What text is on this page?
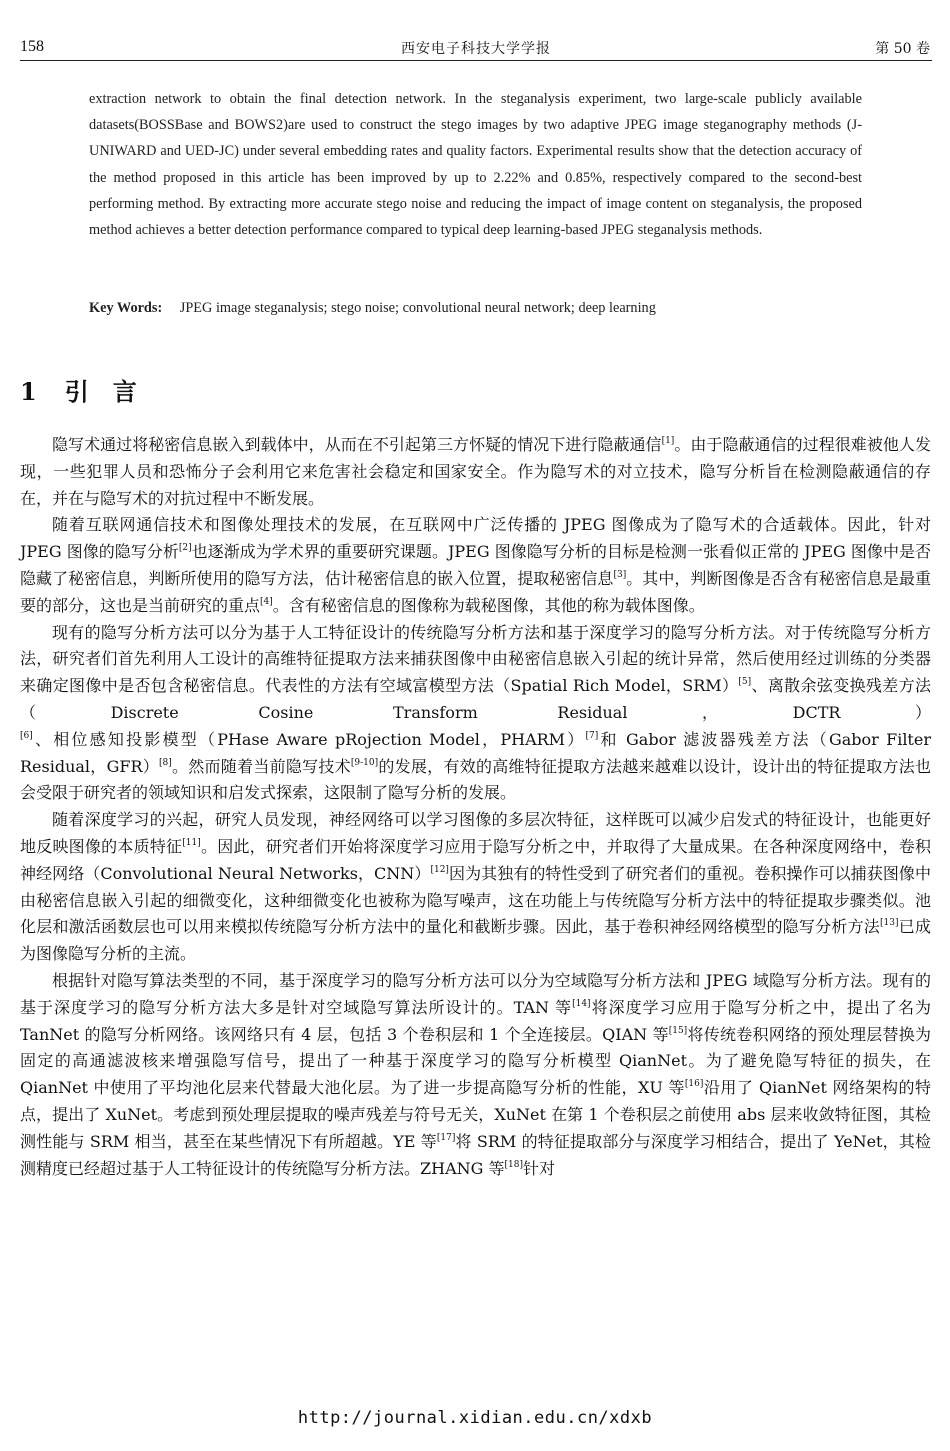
158	西安电子科技大学学报	第 50 卷
extraction network to obtain the final detection network. In the steganalysis experiment, two large-scale publicly available datasets(BOSSBase and BOWS2)are used to construct the stego images by two adaptive JPEG image steganography methods (J-UNIWARD and UED-JC) under several embedding rates and quality factors. Experimental results show that the detection accuracy of the method proposed in this article has been improved by up to 2.22% and 0.85%, respectively compared to the second-best performing method. By extracting more accurate stego noise and reducing the impact of image content on steganalysis, the proposed method achieves a better detection performance compared to typical deep learning-based JPEG steganalysis methods.
Key Words: JPEG image steganalysis; stego noise; convolutional neural network; deep learning
1 引 言

隐写术通过将秘密信息嵌入到载体中，从而在不引起第三方怀疑的情况下进行隐蔽通信[1]。由于隐蔽通信的过程很难被他人发现，一些犯罪人员和恐怖分子会利用它来危害社会稳定和国家安全。作为隐写术的对立技术，隐写分析旨在检测隐蔽通信的存在，并在与隐写术的对抗过程中不断发展。

随着互联网通信技术和图像处理技术的发展，在互联网中广泛传播的 JPEG 图像成为了隐写术的合适载体。因此，针对 JPEG 图像的隐写分析[2]也逐渐成为学术界的重要研究课题。JPEG 图像隐写分析的目标是检测一张看似正常的 JPEG 图像中是否隐藏了秘密信息，判断所使用的隐写方法，估计秘密信息的嵌入位置，提取秘密信息[3]。其中，判断图像是否含有秘密信息是最重要的部分，这也是当前研究的重点[4]。含有秘密信息的图像称为载秘图像，其他的称为载体图像。

现有的隐写分析方法可以分为基于人工特征设计的传统隐写分析方法和基于深度学习的隐写分析方法。对于传统隐写分析方法，研究者们首先利用人工设计的高维特征提取方法来捕获图像中由秘密信息嵌入引起的统计异常，然后使用经过训练的分类器来确定图像中是否包含秘密信息。代表性的方法有空域富模型方法（Spatial Rich Model，SRM）[5]、离散余弦变换残差方法（Discrete Cosine Transform Residual，DCTR）[6]、相位感知投影模型（PHase Aware pRojection Model，PHARM）[7]和 Gabor 滤波器残差方法（Gabor Filter Residual，GFR）[8]。然而随着当前隐写技术[9-10]的发展，有效的高维特征提取方法越来越难以设计，设计出的特征提取方法也会受限于研究者的领域知识和启发式探索，这限制了隐写分析的发展。

随着深度学习的兴起，研究人员发现，神经网络可以学习图像的多层次特征，这样既可以减少启发式的特征设计，也能更好地反映图像的本质特征[11]。因此，研究者们开始将深度学习应用于隐写分析之中，并取得了大量成果。在各种深度网络中，卷积神经网络（Convolutional Neural Networks，CNN）[12]因为其独有的特性受到了研究者们的重视。卷积操作可以捕获图像中由秘密信息嵌入引起的细微变化，这种细微变化也被称为隐写噪声，这在功能上与传统隐写分析方法中的特征提取步骤类似。池化层和激活函数层也可以用来模拟传统隐写分析方法中的量化和截断步骤。因此，基于卷积神经网络模型的隐写分析方法[13]已成为图像隐写分析的主流。

根据针对隐写算法类型的不同，基于深度学习的隐写分析方法可以分为空域隐写分析方法和 JPEG 域隐写分析方法。现有的基于深度学习的隐写分析方法大多是针对空域隐写算法所设计的。TAN 等[14]将深度学习应用于隐写分析之中，提出了名为 TanNet 的隐写分析网络。该网络只有 4 层，包括 3 个卷积层和 1 个全连接层。QIAN 等[15]将传统卷积网络的预处理层替换为固定的高通滤波核来增强隐写信号，提出了一种基于深度学习的隐写分析模型 QianNet。为了避免隐写特征的损失，在 QianNet 中使用了平均池化层来代替最大池化层。为了进一步提高隐写分析的性能，XU 等[16]沿用了 QianNet 网络架构的特点，提出了 XuNet。考虑到预处理层提取的噪声残差与符号无关，XuNet 在第 1 个卷积层之前使用 abs 层来收敛特征图，其检测性能与 SRM 相当，甚至在某些情况下有所超越。YE 等[17]将 SRM 的特征提取部分与深度学习相结合，提出了 YeNet，其检测精度已经超过基于人工特征设计的传统隐写分析方法。ZHANG 等[18]针对

http://journal.xidian.edu.cn/xdxb
